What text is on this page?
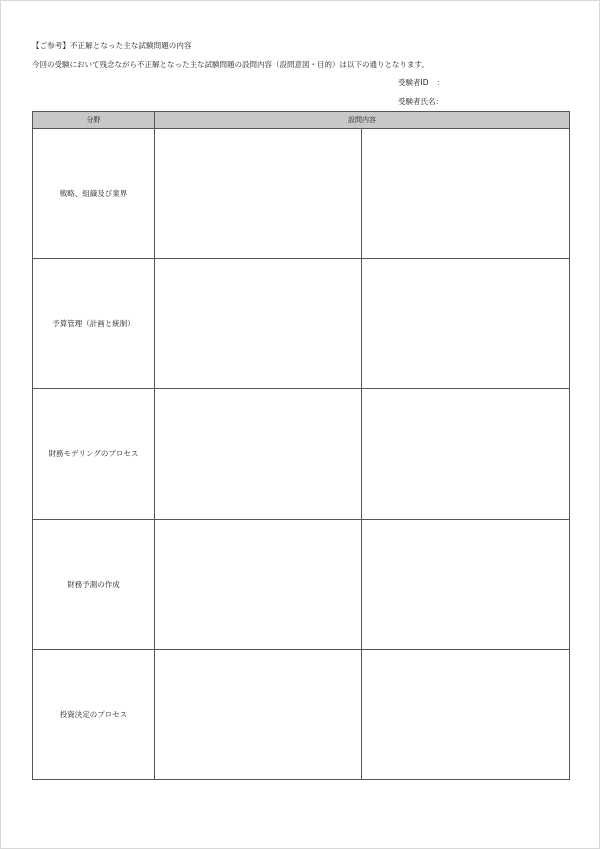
【ご参考】不正解となった主な試験問題の内容
今回の受験において残念ながら不正解となった主な試験問題の設問内容（設問意図・目的）は以下の通りとなります。
受験者ID ：
受験者氏名：
分野	設問内容	
戦略、組織及び業界		
予算管理（計画と統制）		
財務モデリングのプロセス		
財務予測の作成		
投資決定のプロセス		
